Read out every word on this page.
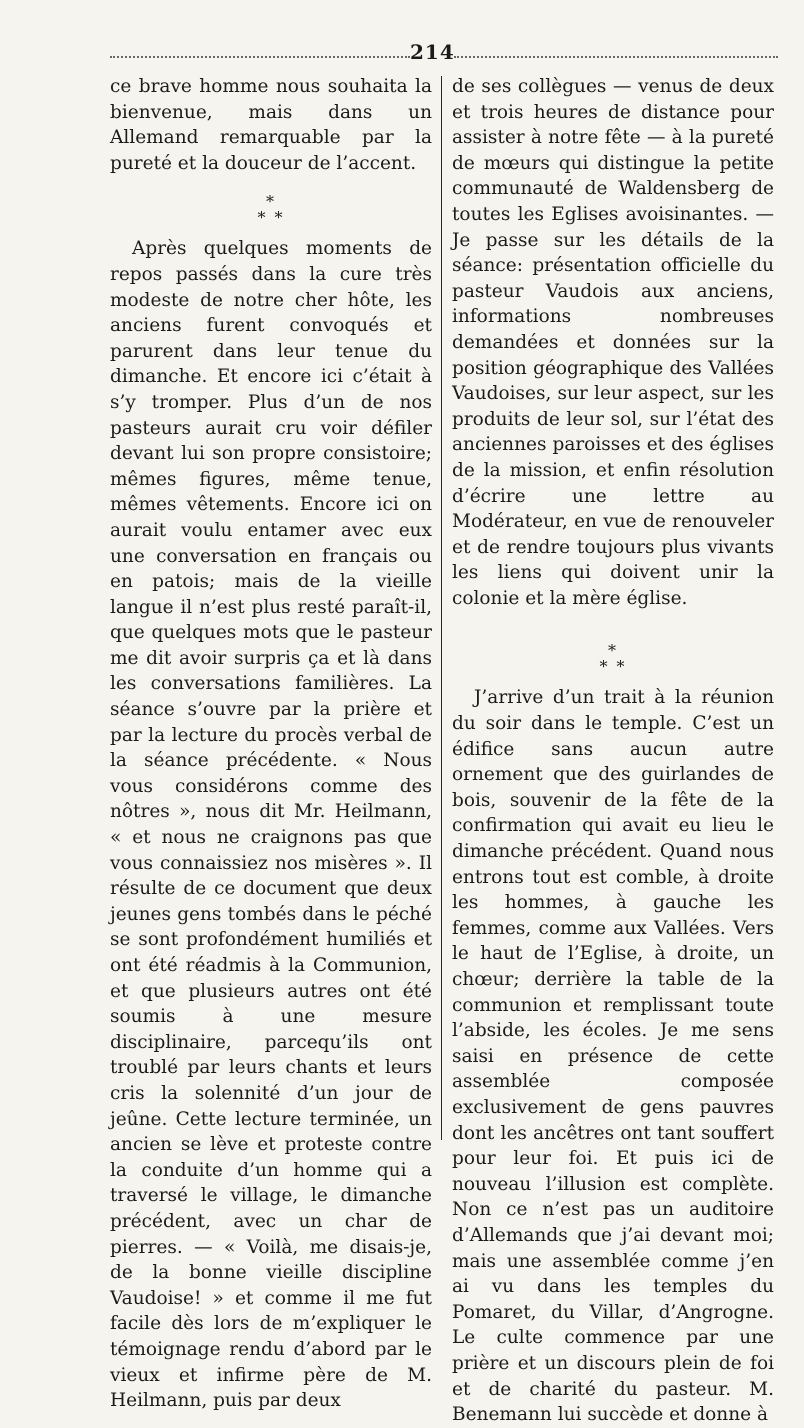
214

ce brave homme nous souhaita la bienvenue, mais dans un Allemand remarquable par la pureté et la douceur de l’accent.

*
* *

Après quelques moments de repos passés dans la cure très modeste de notre cher hôte, les anciens furent convoqués et parurent dans leur tenue du dimanche. Et encore ici c’était à s’y tromper. Plus d’un de nos pasteurs aurait cru voir défiler devant lui son propre consistoire; mêmes figures, même tenue, mêmes vêtements. Encore ici on aurait voulu entamer avec eux une conversation en français ou en patois; mais de la vieille langue il n’est plus resté paraît-il, que quelques mots que le pasteur me dit avoir surpris ça et là dans les conversations familières. La séance s’ouvre par la prière et par la lecture du procès verbal de la séance précédente. « Nous vous considérons comme des nôtres », nous dit Mr. Heilmann, « et nous ne craignons pas que vous connaissiez nos misères ». Il résulte de ce document que deux jeunes gens tombés dans le péché se sont profondément humiliés et ont été réadmis à la Communion, et que plusieurs autres ont été soumis à une mesure disciplinaire, parcequ’ils ont troublé par leurs chants et leurs cris la solennité d’un jour de jeûne. Cette lecture terminée, un ancien se lève et proteste contre la conduite d’un homme qui a traversé le village, le dimanche précédent, avec un char de pierres. — « Voilà, me disais-je, de la bonne vieille discipline Vaudoise! » et comme il me fut facile dès lors de m’expliquer le témoignage rendu d’abord par le vieux et infirme père de M. Heilmann, puis par deux

de ses collègues — venus de deux et trois heures de distance pour assister à notre fête — à la pureté de mœurs qui distingue la petite communauté de Waldensberg de toutes les Eglises avoisinantes. — Je passe sur les détails de la séance: présentation officielle du pasteur Vaudois aux anciens, informations nombreuses demandées et données sur la position géographique des Vallées Vaudoises, sur leur aspect, sur les produits de leur sol, sur l’état des anciennes paroisses et des églises de la mission, et enfin résolution d’écrire une lettre au Modérateur, en vue de renouveler et de rendre toujours plus vivants les liens qui doivent unir la colonie et la mère église.

*
* *

J’arrive d’un trait à la réunion du soir dans le temple. C’est un édifice sans aucun autre ornement que des guirlandes de bois, souvenir de la fête de la confirmation qui avait eu lieu le dimanche précédent. Quand nous entrons tout est comble, à droite les hommes, à gauche les femmes, comme aux Vallées. Vers le haut de l’Eglise, à droite, un chœur; derrière la table de la communion et remplissant toute l’abside, les écoles. Je me sens saisi en présence de cette assemblée composée exclusivement de gens pauvres dont les ancêtres ont tant souffert pour leur foi. Et puis ici de nouveau l’illusion est complète. Non ce n’est pas un auditoire d’Allemands que j’ai devant moi; mais une assemblée comme j’en ai vu dans les temples du Pomaret, du Villar, d’Angrogne. Le culte commence par une prière et un discours plein de foi et de charité du pasteur. M. Benemann lui succède et donne à
